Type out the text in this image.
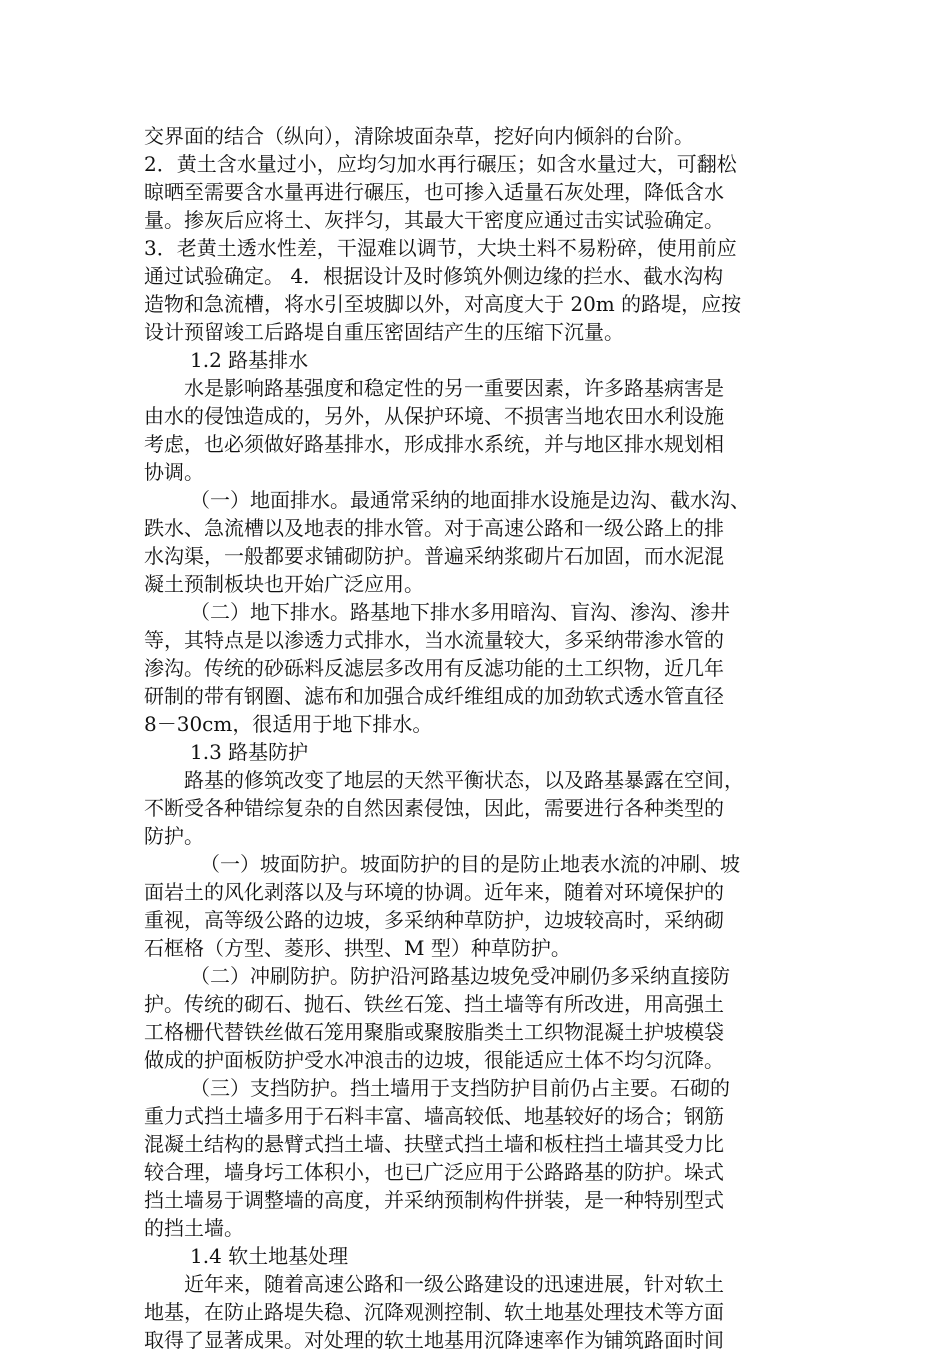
交界面的结合（纵向），清除坡面杂草，挖好向内倾斜的台阶。
2．黄土含水量过小，应均匀加水再行碾压；如含水量过大，可翻松
晾晒至需要含水量再进行碾压，也可掺入适量石灰处理，降低含水
量。掺灰后应将土、灰拌匀，其最大干密度应通过击实试验确定。
3．老黄土透水性差，干湿难以调节，大块土料不易粉碎，使用前应
通过试验确定。 4．根据设计及时修筑外侧边缘的拦水、截水沟构
造物和急流槽，将水引至坡脚以外，对高度大于 20m 的路堤，应按
设计预留竣工后路堤自重压密固结产生的压缩下沉量。
1.2 路基排水
水是影响路基强度和稳定性的另一重要因素，许多路基病害是
由水的侵蚀造成的，另外，从保护环境、不损害当地农田水利设施
考虑，也必须做好路基排水，形成排水系统，并与地区排水规划相
协调。
（一）地面排水。最通常采纳的地面排水设施是边沟、截水沟、
跌水、急流槽以及地表的排水管。对于高速公路和一级公路上的排
水沟渠，一般都要求铺砌防护。普遍采纳浆砌片石加固，而水泥混
凝土预制板块也开始广泛应用。
（二）地下排水。路基地下排水多用暗沟、盲沟、渗沟、渗井
等，其特点是以渗透力式排水，当水流量较大，多采纳带渗水管的
渗沟。传统的砂砾料反滤层多改用有反滤功能的土工织物，近几年
研制的带有钢圈、滤布和加强合成纤维组成的加劲软式透水管直径
8－30cm，很适用于地下排水。
1.3 路基防护
路基的修筑改变了地层的天然平衡状态，以及路基暴露在空间，
不断受各种错综复杂的自然因素侵蚀，因此，需要进行各种类型的
防护。
（一）坡面防护。坡面防护的目的是防止地表水流的冲刷、坡
面岩土的风化剥落以及与环境的协调。近年来，随着对环境保护的
重视，高等级公路的边坡，多采纳种草防护，边坡较高时，采纳砌
石框格（方型、菱形、拱型、M 型）种草防护。
（二）冲刷防护。防护沿河路基边坡免受冲刷仍多采纳直接防
护。传统的砌石、抛石、铁丝石笼、挡土墙等有所改进，用高强土
工格栅代替铁丝做石笼用聚脂或聚胺脂类土工织物混凝土护坡模袋
做成的护面板防护受水冲浪击的边坡，很能适应土体不均匀沉降。
（三）支挡防护。挡土墙用于支挡防护目前仍占主要。石砌的
重力式挡土墙多用于石料丰富、墙高较低、地基较好的场合；钢筋
混凝土结构的悬臂式挡土墙、扶壁式挡土墙和板柱挡土墙其受力比
较合理，墙身圬工体积小，也已广泛应用于公路路基的防护。垛式
挡土墙易于调整墙的高度，并采纳预制构件拼装，是一种特别型式
的挡土墙。
1.4 软土地基处理
近年来，随着高速公路和一级公路建设的迅速进展，针对软土
地基，在防止路堤失稳、沉降观测控制、软土地基处理技术等方面
取得了显著成果。对处理的软土地基用沉降速率作为铺筑路面时间
